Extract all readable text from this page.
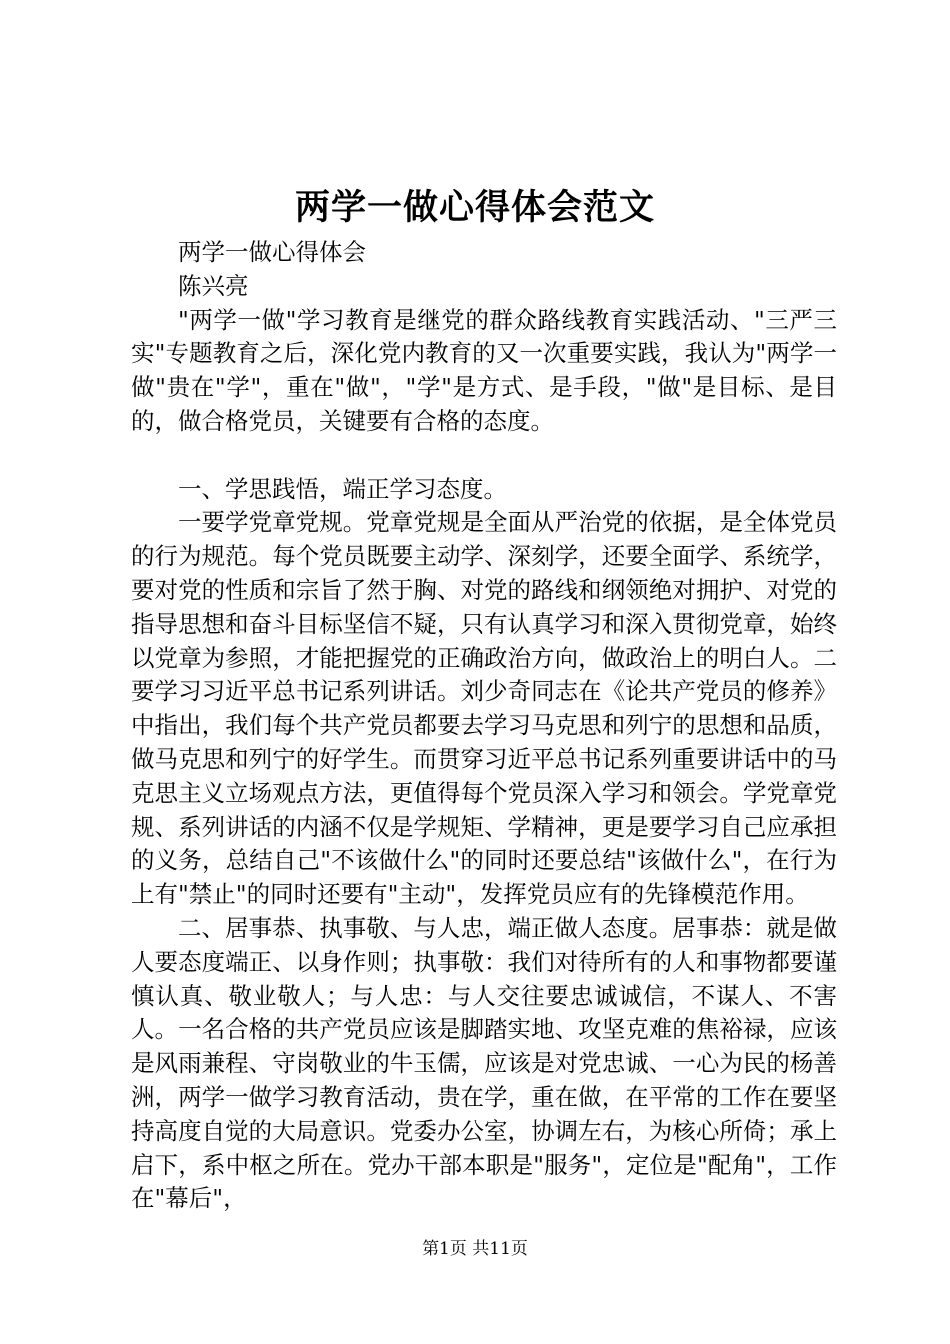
两学一做心得体会范文

两学一做心得体会

陈兴亮

"两学一做"学习教育是继党的群众路线教育实践活动、"三严三实"专题教育之后，深化党内教育的又一次重要实践，我认为"两学一做"贵在"学"，重在"做"，"学"是方式、是手段，"做"是目标、是目的，做合格党员，关键要有合格的态度。

一、学思践悟，端正学习态度。

一要学党章党规。党章党规是全面从严治党的依据，是全体党员的行为规范。每个党员既要主动学、深刻学，还要全面学、系统学，要对党的性质和宗旨了然于胸、对党的路线和纲领绝对拥护、对党的指导思想和奋斗目标坚信不疑，只有认真学习和深入贯彻党章，始终以党章为参照，才能把握党的正确政治方向，做政治上的明白人。二要学习习近平总书记系列讲话。刘少奇同志在《论共产党员的修养》中指出，我们每个共产党员都要去学习马克思和列宁的思想和品质，做马克思和列宁的好学生。而贯穿习近平总书记系列重要讲话中的马克思主义立场观点方法，更值得每个党员深入学习和领会。学党章党规、系列讲话的内涵不仅是学规矩、学精神，更是要学习自己应承担的义务，总结自己"不该做什么"的同时还要总结"该做什么"，在行为上有"禁止"的同时还要有"主动"，发挥党员应有的先锋模范作用。

二、居事恭、执事敬、与人忠，端正做人态度。居事恭：就是做人要态度端正、以身作则；执事敬：我们对待所有的人和事物都要谨慎认真、敬业敬人；与人忠：与人交往要忠诚诚信，不谋人、不害人。一名合格的共产党员应该是脚踏实地、攻坚克难的焦裕禄，应该是风雨兼程、守岗敬业的牛玉儒，应该是对党忠诚、一心为民的杨善洲，两学一做学习教育活动，贵在学，重在做，在平常的工作在要坚持高度自觉的大局意识。党委办公室，协调左右，为核心所倚；承上启下，系中枢之所在。党办干部本职是"服务"，定位是"配角"，工作在"幕后"，

第1页 共11页
